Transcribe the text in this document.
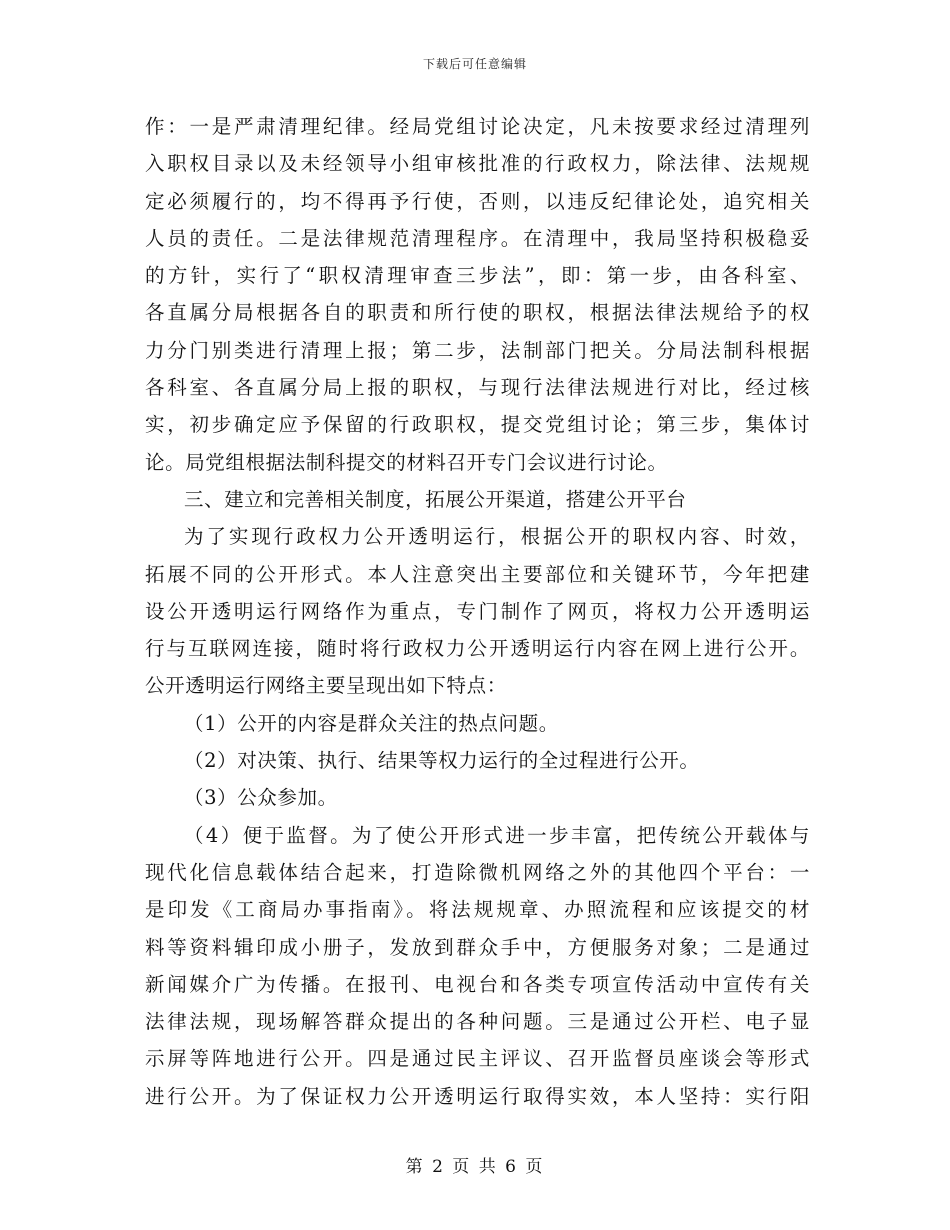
下载后可任意编辑
作：一是严肃清理纪律。经局党组讨论决定，凡未按要求经过清理列
入职权目录以及未经领导小组审核批准的行政权力，除法律、法规规
定必须履行的，均不得再予行使，否则，以违反纪律论处，追究相关
人员的责任。二是法律规范清理程序。在清理中，我局坚持积极稳妥
的方针，实行了“职权清理审查三步法”，即：第一步，由各科室、
各直属分局根据各自的职责和所行使的职权，根据法律法规给予的权
力分门别类进行清理上报；第二步，法制部门把关。分局法制科根据
各科室、各直属分局上报的职权，与现行法律法规进行对比，经过核
实，初步确定应予保留的行政职权，提交党组讨论；第三步，集体讨
论。局党组根据法制科提交的材料召开专门会议进行讨论。
三、建立和完善相关制度，拓展公开渠道，搭建公开平台
为了实现行政权力公开透明运行，根据公开的职权内容、时效，
拓展不同的公开形式。本人注意突出主要部位和关键环节，今年把建
设公开透明运行网络作为重点，专门制作了网页，将权力公开透明运
行与互联网连接，随时将行政权力公开透明运行内容在网上进行公开。
公开透明运行网络主要呈现出如下特点：
（1）公开的内容是群众关注的热点问题。
（2）对决策、执行、结果等权力运行的全过程进行公开。
（3）公众参加。
（4）便于监督。为了使公开形式进一步丰富，把传统公开载体与
现代化信息载体结合起来，打造除微机网络之外的其他四个平台：一
是印发《工商局办事指南》。将法规规章、办照流程和应该提交的材
料等资料辑印成小册子，发放到群众手中，方便服务对象；二是通过
新闻媒介广为传播。在报刊、电视台和各类专项宣传活动中宣传有关
法律法规，现场解答群众提出的各种问题。三是通过公开栏、电子显
示屏等阵地进行公开。四是通过民主评议、召开监督员座谈会等形式
进行公开。为了保证权力公开透明运行取得实效，本人坚持：实行阳
第 2 页 共 6 页
